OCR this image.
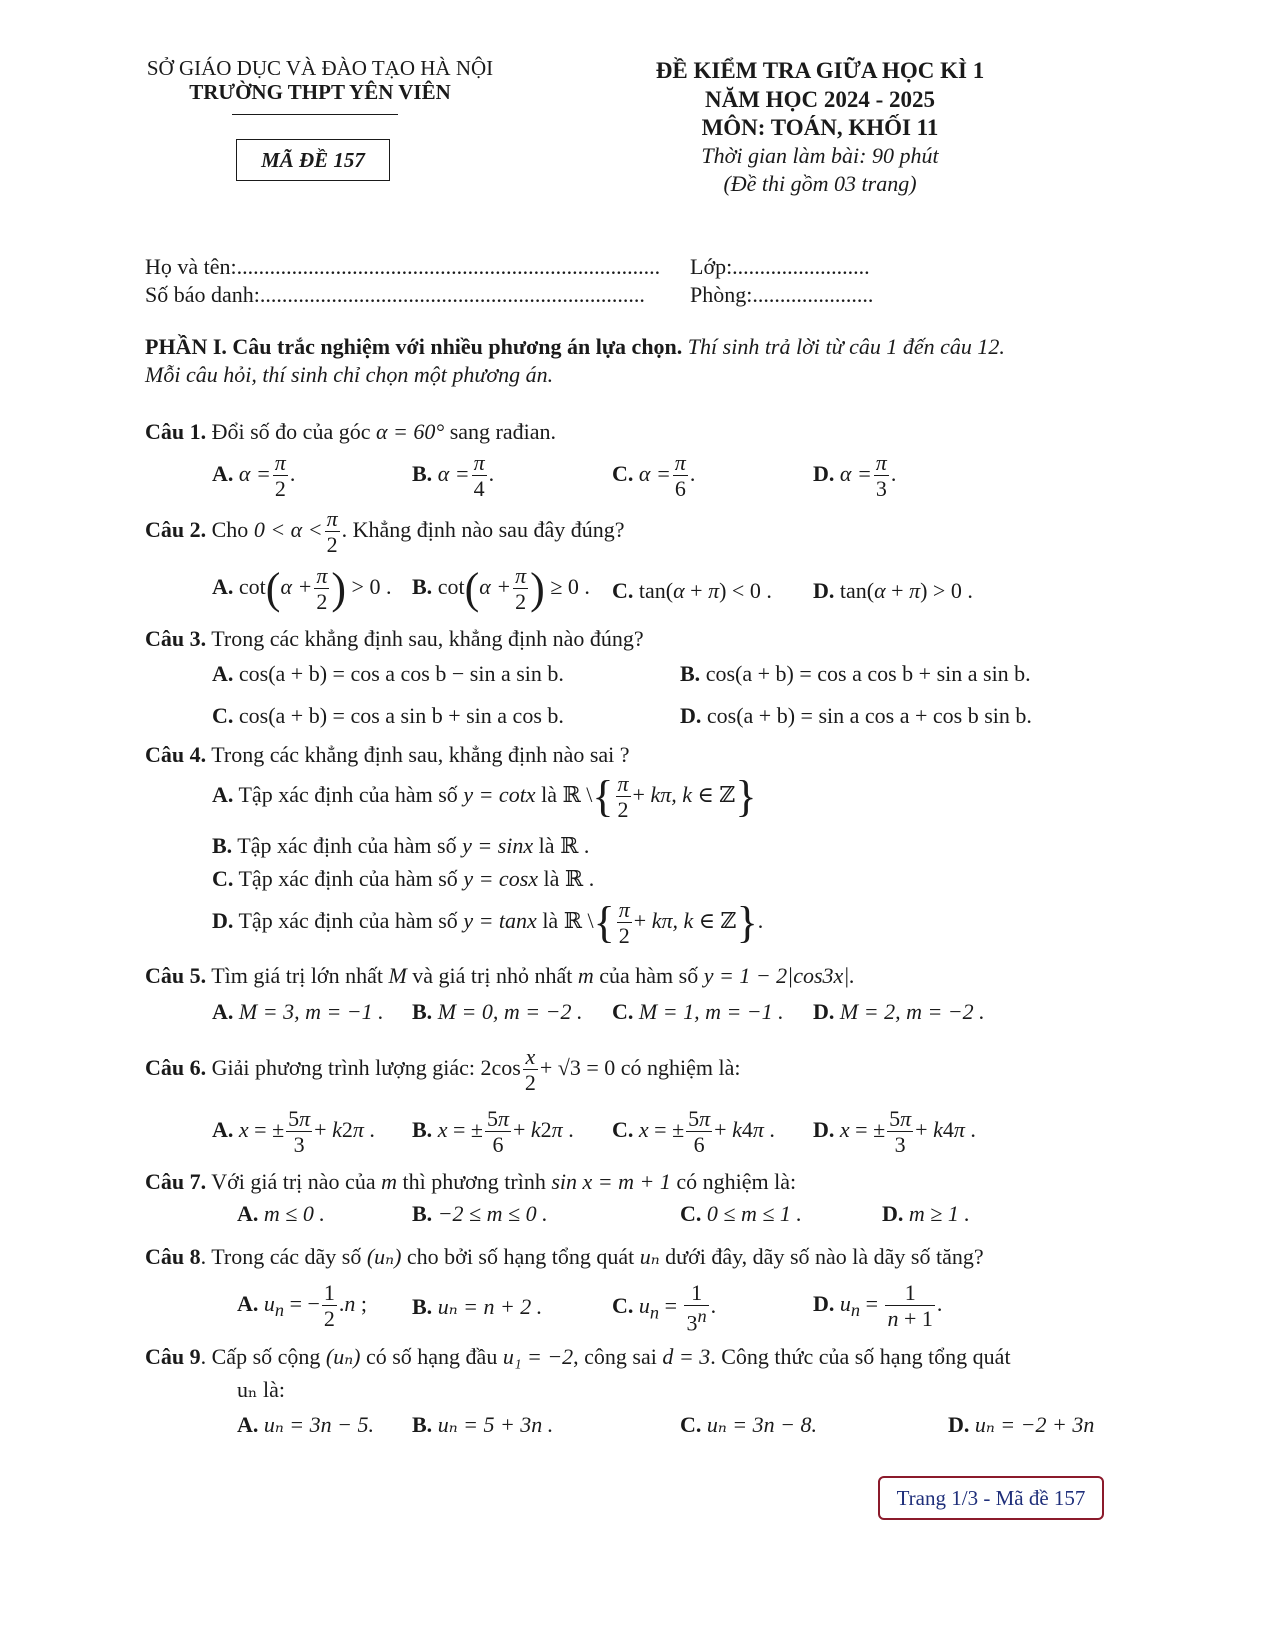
SỞ GIÁO DỤC VÀ ĐÀO TẠO HÀ NỘI
TRƯỜNG THPT YÊN VIÊN
MÃ ĐỀ 157
ĐỀ KIỂM TRA GIỮA HỌC KÌ 1
NĂM HỌC 2024 - 2025
MÔN: TOÁN, KHỐI 11
Thời gian làm bài: 90 phút
(Đề thi gồm 03 trang)
Họ và tên:............................................................................. Lớp:.........................
Số báo danh:...................................................................... Phòng:......................
PHẦN I. Câu trắc nghiệm với nhiều phương án lựa chọn. Thí sinh trả lời từ câu 1 đến câu 12.
Mỗi câu hỏi, thí sinh chỉ chọn một phương án.
Câu 1. Đổi số đo của góc α = 60° sang rađian.
A. $\alpha = \frac{\pi}{2}$ .	B. $\alpha = \frac{\pi}{4}$ .	C. $\alpha = \frac{\pi}{6}$ .	D. $\alpha = \frac{\pi}{3}$ .
Câu 2. Cho $0 < \alpha < \frac{\pi}{2}$ . Khẳng định nào sau đây đúng?
A. $\cot(\alpha + \frac{\pi}{2}$ ) > 0 . B. $\cot(\alpha + \frac{\pi}{2}$ ) ≥ 0 . C. tan(α + π) < 0 . D. tan(α + π) > 0 .
Câu 3. Trong các khẳng định sau, khẳng định nào đúng?
A. cos(a + b) = cos a cos b − sin a sin b.	B. cos(a + b) = cos a cos b + sin a sin b.
C. cos(a + b) = cos a sin b + sin a cos b.	D. cos(a + b) = sin a cos a + cos b sin b.
Câu 4. Trong các khẳng định sau, khẳng định nào sai ?
A. Tập xác định của hàm số y = cotx là ℝ \{ $\frac{\pi}{2} + k\pi$, k ∈ ℤ}
B. Tập xác định của hàm số y = sinx là ℝ .
C. Tập xác định của hàm số y = cosx là ℝ .
D. Tập xác định của hàm số y = tanx là ℝ \{ $\frac{\pi}{2} + k\pi$, k ∈ ℤ}.
Câu 5. Tìm giá trị lớn nhất M và giá trị nhỏ nhất m của hàm số y = 1 − 2|cos3x|.
A. M = 3, m = −1 . B. M = 0, m = −2 . C. M = 1, m = −1 . D. M = 2, m = −2 .
Câu 6. Giải phương trình lượng giác: $2\cos \frac{x}{2} + √3 = 0$ có nghiệm là:
A. x = ± $\frac{5\pi}{3} + k2\pi$ . B. x = ± $\frac{5\pi}{6} + k2\pi$ . C. x = ± $\frac{5\pi}{6} + k4\pi$ . D. x = ± $\frac{5\pi}{3} + k4\pi$ .
Câu 7. Với giá trị nào của m thì phương trình sin x = m + 1 có nghiệm là:
A. m ≤ 0 .	B. −2 ≤ m ≤ 0 .	C. 0 ≤ m ≤ 1 .	D. m ≥ 1 .
Câu 8. Trong các dãy số (uₙ) cho bởi số hạng tổng quát uₙ dưới đây, dãy số nào là dãy số tăng?
A. $u_n$ = − $\frac{1}{2} .n$ ; B. uₙ = n + 2 .	C. $u_n = \frac{1}{3^n}$ .	D. $u_n = \frac{1}{n + 1}$ .
Câu 9. Cấp số cộng (uₙ) có số hạng đầu u₁ = −2, công sai d = 3. Công thức của số hạng tổng quát
uₙ là:
A. uₙ = 3n − 5. B. uₙ = 5 + 3n .	C. uₙ = 3n − 8.	D. uₙ = −2 + 3n
Trang 1/3 - Mã đề 157
